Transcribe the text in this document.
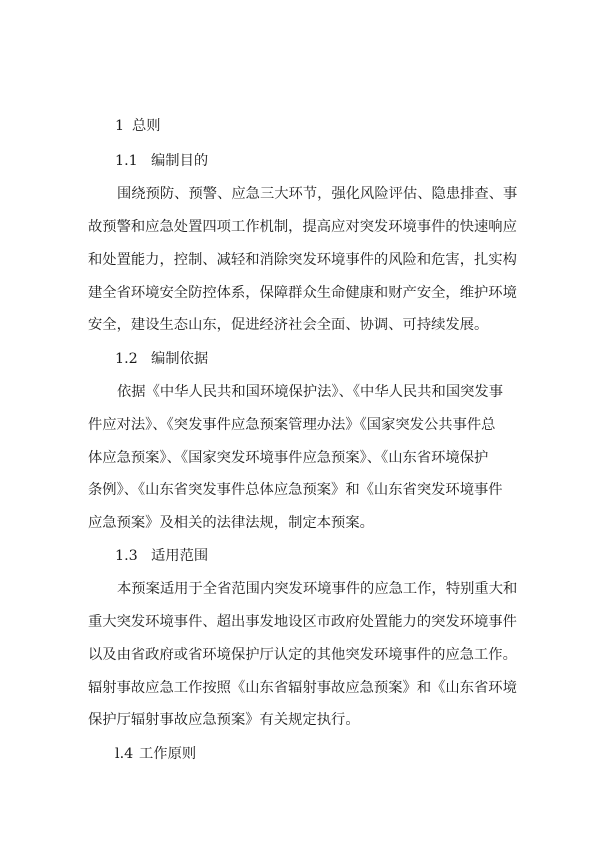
1 总则
1.1 编制目的
围绕预防、预警、应急三大环节，强化风险评估、隐患排查、事
故预警和应急处置四项工作机制，提高应对突发环境事件的快速响应
和处置能力，控制、减轻和消除突发环境事件的风险和危害，扎实构
建全省环境安全防控体系，保障群众生命健康和财产安全，维护环境
安全，建设生态山东，促进经济社会全面、协调、可持续发展。
1.2 编制依据
依据《中华人民共和国环境保护法》、《中华人民共和国突发事
件应对法》、《突发事件应急预案管理办法》《国家突发公共事件总
体应急预案》、《国家突发环境事件应急预案》、《山东省环境保护
条例》、《山东省突发事件总体应急预案》和《山东省突发环境事件
应急预案》及相关的法律法规，制定本预案。
1.3 适用范围
本预案适用于全省范围内突发环境事件的应急工作，特别重大和
重大突发环境事件、超出事发地设区市政府处置能力的突发环境事件
以及由省政府或省环境保护厅认定的其他突发环境事件的应急工作。
辐射事故应急工作按照《山东省辐射事故应急预案》和《山东省环境
保护厅辐射事故应急预案》有关规定执行。
l.4 工作原则
